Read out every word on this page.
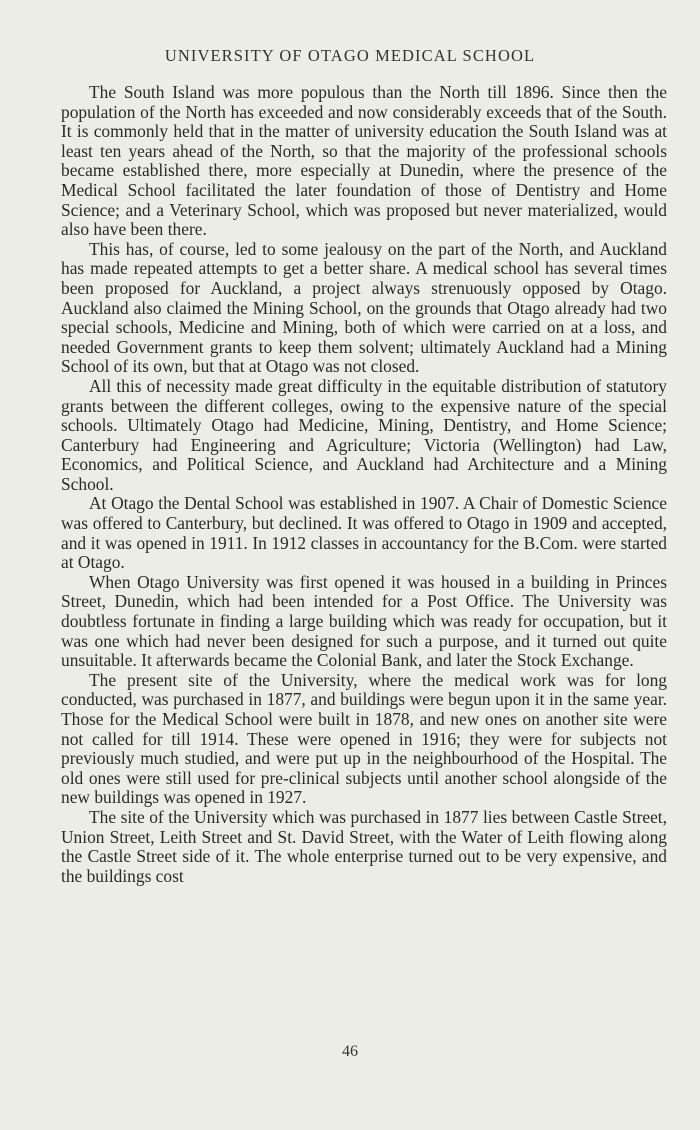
UNIVERSITY OF OTAGO MEDICAL SCHOOL

The South Island was more populous than the North till 1896. Since then the population of the North has exceeded and now considerably exceeds that of the South. It is commonly held that in the matter of university education the South Island was at least ten years ahead of the North, so that the majority of the professional schools became established there, more especially at Dunedin, where the presence of the Medical School facilitated the later foundation of those of Dentistry and Home Science; and a Veterinary School, which was proposed but never materialized, would also have been there.

This has, of course, led to some jealousy on the part of the North, and Auckland has made repeated attempts to get a better share. A medical school has several times been proposed for Auckland, a project always strenuously opposed by Otago. Auckland also claimed the Mining School, on the grounds that Otago already had two special schools, Medicine and Mining, both of which were carried on at a loss, and needed Government grants to keep them solvent; ultimately Auckland had a Mining School of its own, but that at Otago was not closed.

All this of necessity made great difficulty in the equitable distribution of statutory grants between the different colleges, owing to the expensive nature of the special schools. Ultimately Otago had Medicine, Mining, Dentistry, and Home Science; Canterbury had Engineering and Agriculture; Victoria (Wellington) had Law, Economics, and Political Science, and Auckland had Architecture and a Mining School.

At Otago the Dental School was established in 1907. A Chair of Domestic Science was offered to Canterbury, but declined. It was offered to Otago in 1909 and accepted, and it was opened in 1911. In 1912 classes in accountancy for the B.Com. were started at Otago.

When Otago University was first opened it was housed in a building in Princes Street, Dunedin, which had been intended for a Post Office. The University was doubtless fortunate in finding a large building which was ready for occupation, but it was one which had never been designed for such a purpose, and it turned out quite unsuitable. It afterwards became the Colonial Bank, and later the Stock Exchange.

The present site of the University, where the medical work was for long conducted, was purchased in 1877, and buildings were begun upon it in the same year. Those for the Medical School were built in 1878, and new ones on another site were not called for till 1914. These were opened in 1916; they were for subjects not previously much studied, and were put up in the neighbourhood of the Hospital. The old ones were still used for pre-clinical subjects until another school alongside of the new buildings was opened in 1927.

The site of the University which was purchased in 1877 lies between Castle Street, Union Street, Leith Street and St. David Street, with the Water of Leith flowing along the Castle Street side of it. The whole enterprise turned out to be very expensive, and the buildings cost

46
